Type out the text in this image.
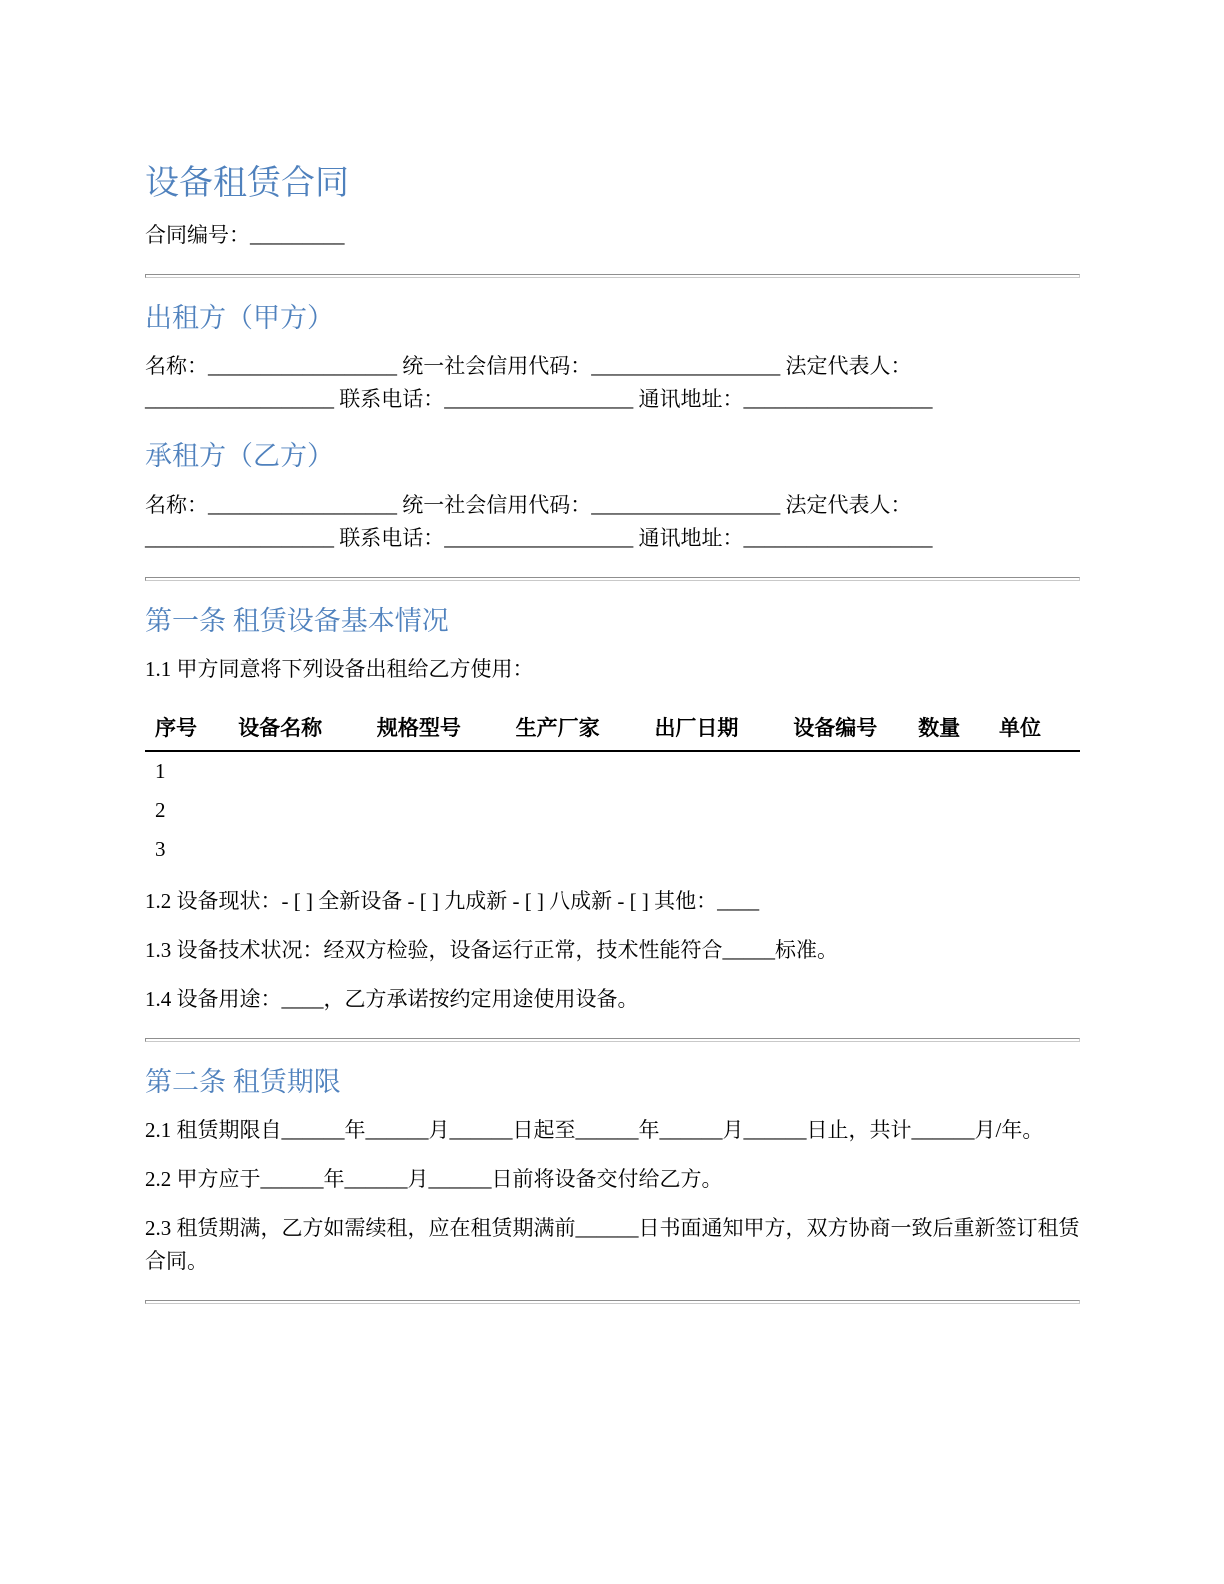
设备租赁合同

合同编号：_________

出租方（甲方）

名称：__________________ 统一社会信用代码：__________________ 法定代表人：__________________ 联系电话：__________________ 通讯地址：__________________

承租方（乙方）

名称：__________________ 统一社会信用代码：__________________ 法定代表人：__________________ 联系电话：__________________ 通讯地址：__________________

第一条 租赁设备基本情况

1.1 甲方同意将下列设备出租给乙方使用：

序号	设备名称	规格型号	生产厂家	出厂日期	设备编号	数量	单位
1							
2							
3							

1.2 设备现状：- [ ] 全新设备 - [ ] 九成新 - [ ] 八成新 - [ ] 其他：____

1.3 设备技术状况：经双方检验，设备运行正常，技术性能符合_____标准。

1.4 设备用途：____，乙方承诺按约定用途使用设备。

第二条 租赁期限

2.1 租赁期限自______年______月______日起至______年______月______日止，共计______月/年。

2.2 甲方应于______年______月______日前将设备交付给乙方。

2.3 租赁期满，乙方如需续租，应在租赁期满前______日书面通知甲方，双方协商一致后重新签订租赁合同。
